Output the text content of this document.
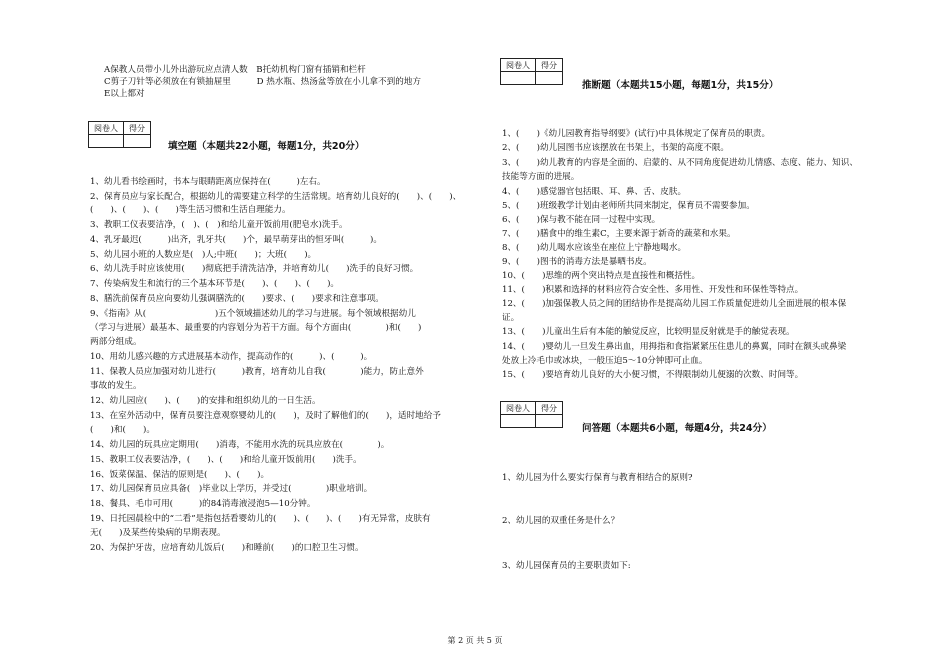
A保教人员带小儿外出游玩应点清人数　B托幼机构门窗有插销和栏杆
C剪子刀针等必须放在有锁抽屉里　　　D 热水瓶、热汤盆等放在小儿拿不到的地方
E以上都对
阅卷人	得分

填空题（本题共22小题，每题1分，共20分）
1、幼儿看书绘画时，书本与眼睛距离应保持在(　　　)左右。
2、保育员应与家长配合，根据幼儿的需要建立科学的生活常规。培育幼儿良好的(　　)、(　　)、
(　　)、(　　)、(　　)等生活习惯和生活自理能力。
3、教职工仪表要洁净，(　)、(　)和给儿童开饭前用(肥皂水)洗手。
4、乳牙最迟(　　　)出齐，乳牙共(　　)个，最早萌芽出的恒牙叫(　　　)。
5、幼儿园小班的人数应是(　)人;中班(　　)；大班(　　)。
6、幼儿洗手时应该使用(　　)彻底把手清洗洁净，并培育幼儿(　　)洗手的良好习惯。
7、传染病发生和流行的三个基本环节是(　　)、(　　)、(　　)。
8、膳洗前保育员应向要幼儿强调膳洗的(　　)要求、(　　)要求和注意事项。
9、《指南》从(　　　　　　　　)五个领域描述幼儿的学习与进展。每个领域根据幼儿
（学习与进展）最基本、最重要的内容划分为若干方面。每个方面由(　　　　)和(　　)
两部分组成。
10、用幼儿感兴趣的方式进展基本动作，提高动作的(　　　)、(　　　)。
11、保教人员应加强对幼儿进行(　　　)教育，培育幼儿自我(　　　　)能力，防止意外
事故的发生。
12、幼儿园应(　　)、(　　)的安排和组织幼儿的一日生活。
13、在室外活动中，保育员要注意观察婴幼儿的(　　)，及时了解他们的(　　)，适时地给予
(　　)和(　　)。
14、幼儿园的玩具应定期用(　　)消毒，不能用水洗的玩具应放在(　　　　)。
15、教职工仪表要洁净，(　　)、(　　)和给儿童开饭前用(　　)洗手。
16、饭菜保温、保洁的原则是(　　)、(　　)。
17、幼儿园保育员应具备(　)毕业以上学历，并受过(　　　　)职业培训。
18、餐具、毛巾可用(　　　)的84消毒液浸泡5—10分钟。
19、日托园晨检中的“二看”是指包括看婴幼儿的(　　)、(　　)、(　　)有无异常，皮肤有
无(　　)及某些传染病的早期表现。
20、为保护牙齿，应培育幼儿饭后(　　)和睡前(　　)的口腔卫生习惯。
阅卷人	得分

推断题（本题共15小题，每题1分，共15分）
1、(　　)《幼儿园教育指导纲要》(试行)中具体规定了保育员的职责。
2、(　　)幼儿园图书应该摆放在书架上，书架的高度不限。
3、(　　)幼儿教育的内容是全面的、启蒙的、从不同角度促进幼儿情感、态度、能力、知识、
技能等方面的进展。
4、(　　)感觉器官包括眼、耳、鼻、舌、皮肤。
5、(　　)班级教学计划由老师所共同来制定，保育员不需要参加。
6、(　　)保与教不能在同一过程中实现。
7、(　　)膳食中的维生素C，主要来源于新奇的蔬菜和水果。
8、(　　)幼儿喝水应该坐在座位上宁静地喝水。
9、(　　)图书的消毒方法是暴晒书皮。
10、(　　)思维的两个突出特点是直接性和概括性。
11、(　　)积累和选择的材料应符合安全性、多用性、开发性和环保性等特点。
12、(　　)加强保教人员之间的团结协作是提高幼儿园工作质量促进幼儿全面进展的根本保
证。
13、(　　)儿童出生后有本能的触觉反应，比较明显反射就是手的触觉表现。
14、(　　)婴幼儿一旦发生鼻出血，用拇指和食指紧紧压住患儿的鼻翼，同时在额头或鼻梁
处放上冷毛巾或冰块，一般压迫5～10分钟即可止血。
15、(　　)要培育幼儿良好的大小便习惯，不得限制幼儿便溺的次数、时间等。
阅卷人	得分

问答题（本题共6小题，每题4分，共24分）
1、幼儿园为什么要实行保育与教育相结合的原则?
2、幼儿园的双重任务是什么？
3、幼儿园保育员的主要职责如下:
第 2 页 共 5 页
